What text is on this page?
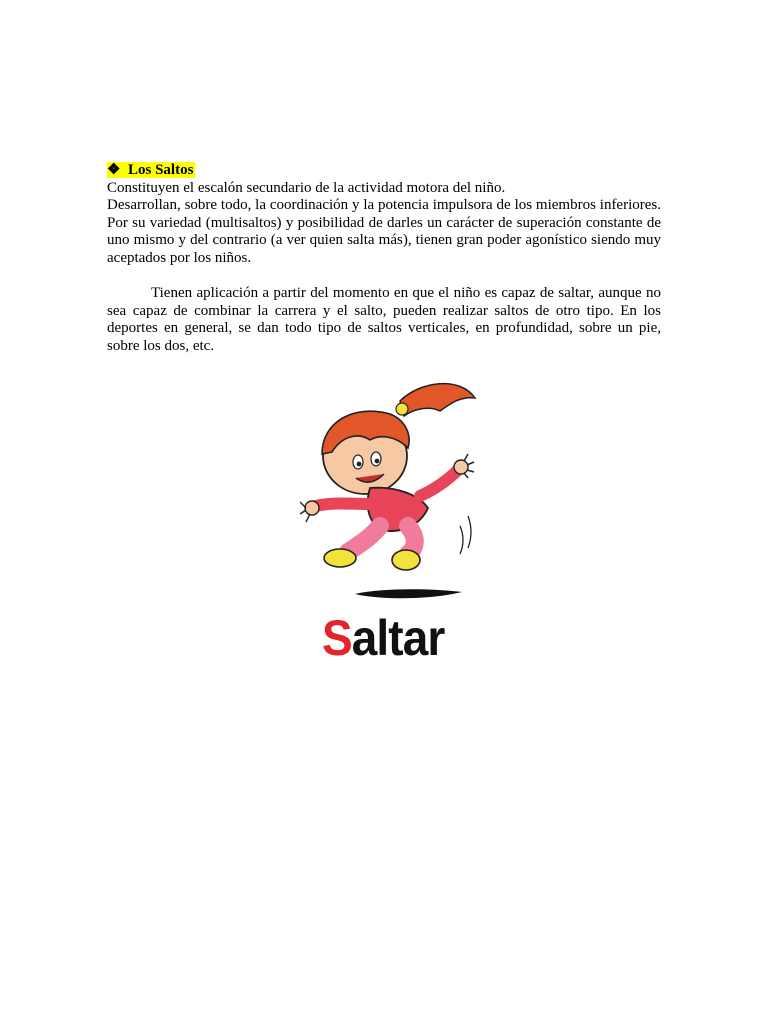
❖ Los Saltos

Constituyen el escalón secundario de la actividad motora del niño.

Desarrollan, sobre todo, la coordinación y la potencia impulsora de los miembros inferiores. Por su variedad (multisaltos) y posibilidad de darles un carácter de superación constante de uno mismo y del contrario (a ver quien salta más), tienen gran poder agonístico siendo muy aceptados por los niños.

Tienen aplicación a partir del momento en que el niño es capaz de saltar, aunque no sea capaz de combinar la carrera y el salto, pueden realizar saltos de otro tipo. En los deportes en general, se dan todo tipo de saltos verticales, en profundidad, sobre un pie, sobre los dos, etc.

Saltar
